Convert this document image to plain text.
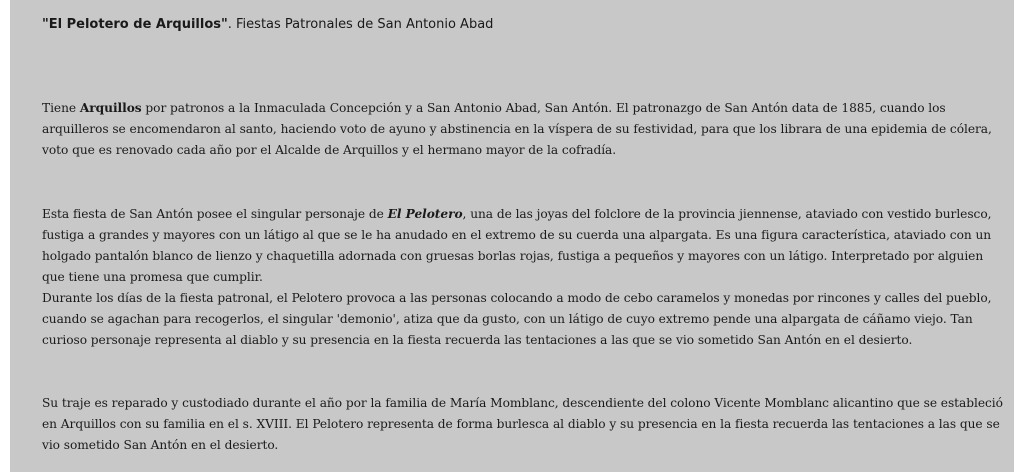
"El Pelotero de Arquillos". Fiestas Patronales de San Antonio Abad
Tiene Arquillos por patronos a la Inmaculada Concepción y a San Antonio Abad, San Antón. El patronazgo de San Antón data de 1885, cuando los arquilleros se encomendaron al santo, haciendo voto de ayuno y abstinencia en la víspera de su festividad, para que los librara de una epidemia de cólera, voto que es renovado cada año por el Alcalde de Arquillos y el hermano mayor de la cofradía.
Esta fiesta de San Antón posee el singular personaje de El Pelotero, una de las joyas del folclore de la provincia jiennense, ataviado con vestido burlesco, fustiga a grandes y mayores con un látigo al que se le ha anudado en el extremo de su cuerda una alpargata. Es una figura característica, ataviado con un holgado pantalón blanco de lienzo y chaquetilla adornada con gruesas borlas rojas, fustiga a pequeños y mayores con un látigo. Interpretado por alguien que tiene una promesa que cumplir.
Durante los días de la fiesta patronal, el Pelotero provoca a las personas colocando a modo de cebo caramelos y monedas por rincones y calles del pueblo, cuando se agachan para recogerlos, el singular 'demonio', atiza que da gusto, con un látigo de cuyo extremo pende una alpargata de cáñamo viejo. Tan curioso personaje representa al diablo y su presencia en la fiesta recuerda las tentaciones a las que se vio sometido San Antón en el desierto.
Su traje es reparado y custodiado durante el año por la familia de María Momblanc, descendiente del colono Vicente Momblanc alicantino que se estableció en Arquillos con su familia en el s. XVIII. El Pelotero representa de forma burlesca al diablo y su presencia en la fiesta recuerda las tentaciones a las que se vio sometido San Antón en el desierto.
